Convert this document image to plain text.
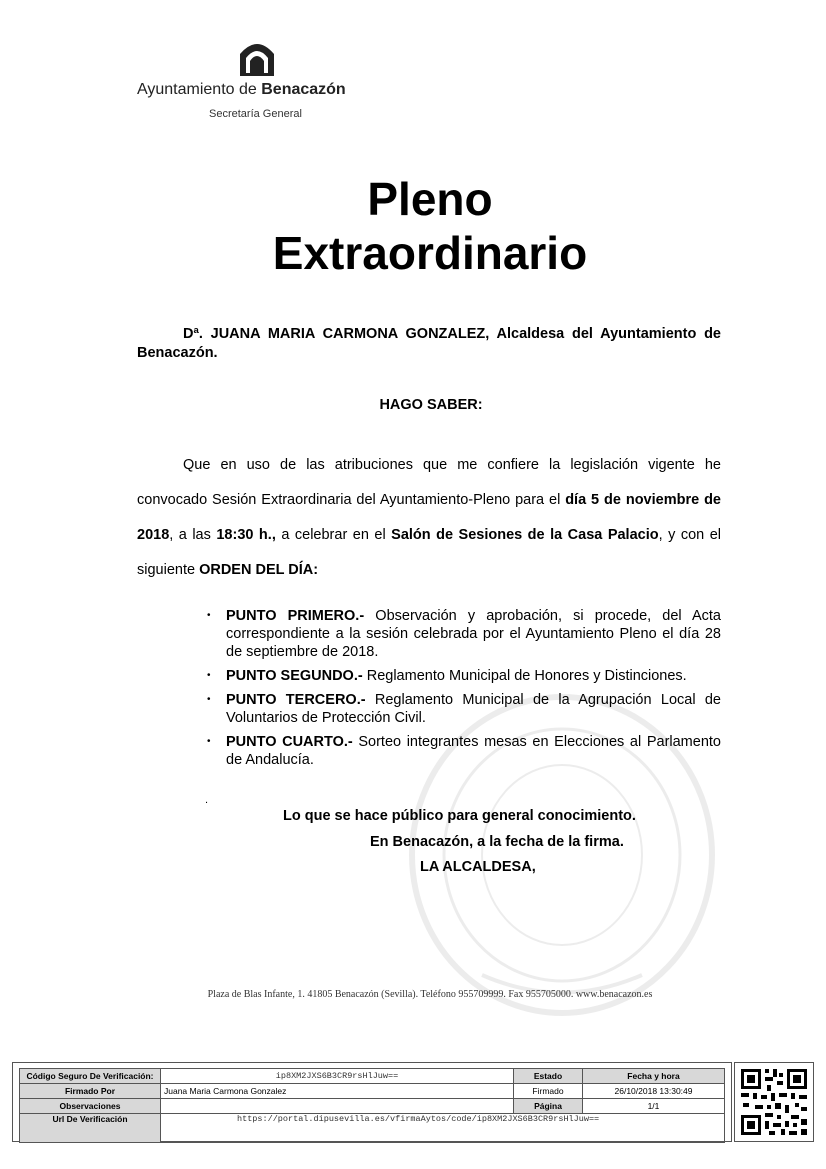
Ayuntamiento de Benacazón
Secretaría General
Pleno
Extraordinario
Dª. JUANA MARIA CARMONA GONZALEZ, Alcaldesa del Ayuntamiento de Benacazón.
HAGO SABER:
Que en uso de las atribuciones que me confiere la legislación vigente he convocado Sesión Extraordinaria del Ayuntamiento-Pleno para el día 5 de noviembre de 2018, a las 18:30 h., a celebrar en el Salón de Sesiones de la Casa Palacio, y con el siguiente ORDEN DEL DÍA:
• PUNTO PRIMERO.- Observación y aprobación, si procede, del Acta correspondiente a la sesión celebrada por el Ayuntamiento Pleno el día 28 de septiembre de 2018.
• PUNTO SEGUNDO.- Reglamento Municipal de Honores y Distinciones.
• PUNTO TERCERO.- Reglamento Municipal de la Agrupación Local de Voluntarios de Protección Civil.
• PUNTO CUARTO.- Sorteo integrantes mesas en Elecciones al Parlamento de Andalucía.
.
Lo que se hace público para general conocimiento.
En Benacazón, a la fecha de la firma.
LA ALCALDESA,
Plaza de Blas Infante, 1. 41805 Benacazón (Sevilla). Teléfono 955709999. Fax 955705000. www.benacazon.es
Código Seguro De Verificación:	ip8XM2JXS6B3CR9rsHlJuw==	Estado	Fecha y hora
Firmado Por	Juana Maria Carmona Gonzalez	Firmado	26/10/2018 13:30:49
Observaciones		Página	1/1
Url De Verificación	https://portal.dipusevilla.es/vfirmaAytos/code/ip8XM2JXS6B3CR9rsHlJuw==		
